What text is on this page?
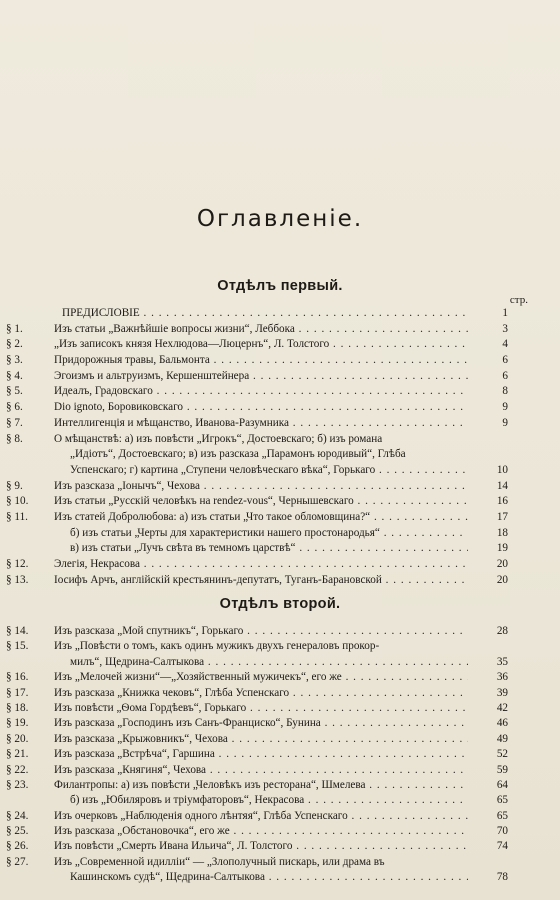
Оглавленіе.
Отдѣлъ первый.
стр.
ПРЕДИСЛОВІЕ . . .	1
§ 1.	Изъ статьи „Важнѣйшіе вопросы жизни“, Леббока . . .	3
§ 2.	„Изъ записокъ князя Нехлюдова—Люцернъ“, Л. Толстого . . .	4
§ 3.	Придорожныя травы, Бальмонта . . .	6
§ 4.	Эгоизмъ и альтруизмъ, Кершенштейнера . . .	6
§ 5.	Идеалъ, Градовскаго . . .	8
§ 6.	Dio ignoto, Боровиковскаго . . .	9
§ 7.	Интеллигенція и мѣщанство, Иванова-Разумника . . .	9
§ 8.	О мѣщанствѣ: а) изъ повѣсти „Игрокъ“, Достоевскаго; б) изъ романа
„Идіотъ“, Достоевскаго; в) изъ разсказа „Парамонъ юродивый“, Глѣба
Успенскаго; г) картина „Ступени человѣческаго вѣка“, Горькаго . . .	10
§ 9.	Изъ разсказа „Іонычъ“, Чехова . . .	14
§ 10.	Изъ статьи „Русскій человѣкъ на rendez-vous“, Чернышевскаго . . .	16
§ 11.	Изъ статей Добролюбова: а) изъ статьи „Что такое обломовщина?“ . . .	17
б) изъ статьи „Черты для характеристики нашего простонародья“ . . .	18
в) изъ статьи „Лучъ свѣта въ темномъ царствѣ“ . . .	19
§ 12.	Элегія, Некрасова . . .	20
§ 13.	Іосифъ Арчъ, англійскій крестьянинъ-депутатъ, Туганъ-Барановской . . .	20
Отдѣлъ второй.
§ 14.	Изъ разсказа „Мой спутникъ“, Горькаго . . .	28
§ 15.	Изъ „Повѣсти о томъ, какъ одинъ мужикъ двухъ генераловъ прокор-
милъ“, Щедрина-Салтыкова . . .	35
§ 16.	Изъ „Мелочей жизни“—„Хозяйственный мужичекъ“, его же . . .	36
§ 17.	Изъ разсказа „Книжка чековъ“, Глѣба Успенскаго . . .	39
§ 18.	Изъ повѣсти „Ѳома Гордѣевъ“, Горькаго . . .	42
§ 19.	Изъ разсказа „Господинъ изъ Санъ-Франциско“, Бунина . . .	46
§ 20.	Изъ разсказа „Крыжовникъ“, Чехова . . .	49
§ 21.	Изъ разсказа „Встрѣча“, Гаршина . . .	52
§ 22.	Изъ разсказа „Княгиня“, Чехова . . .	59
§ 23.	Филантропы: а) изъ повѣсти „Человѣкъ изъ ресторана“, Шмелева . . .	64
б) изъ „Юбиляровъ и тріумфаторовъ“, Некрасова . . .	65
§ 24.	Изъ очерковъ „Наблюденія одного лѣнтяя“, Глѣба Успенскаго . . .	65
§ 25.	Изъ разсказа „Обстановочка“, его же . . .	70
§ 26.	Изъ повѣсти „Смерть Ивана Ильича“, Л. Толстого . . .	74
§ 27.	Изъ „Современной идилліи“ — „Злополучный пискарь, или драма въ
Кашинскомъ судѣ“, Щедрина-Салтыкова . . .	78
